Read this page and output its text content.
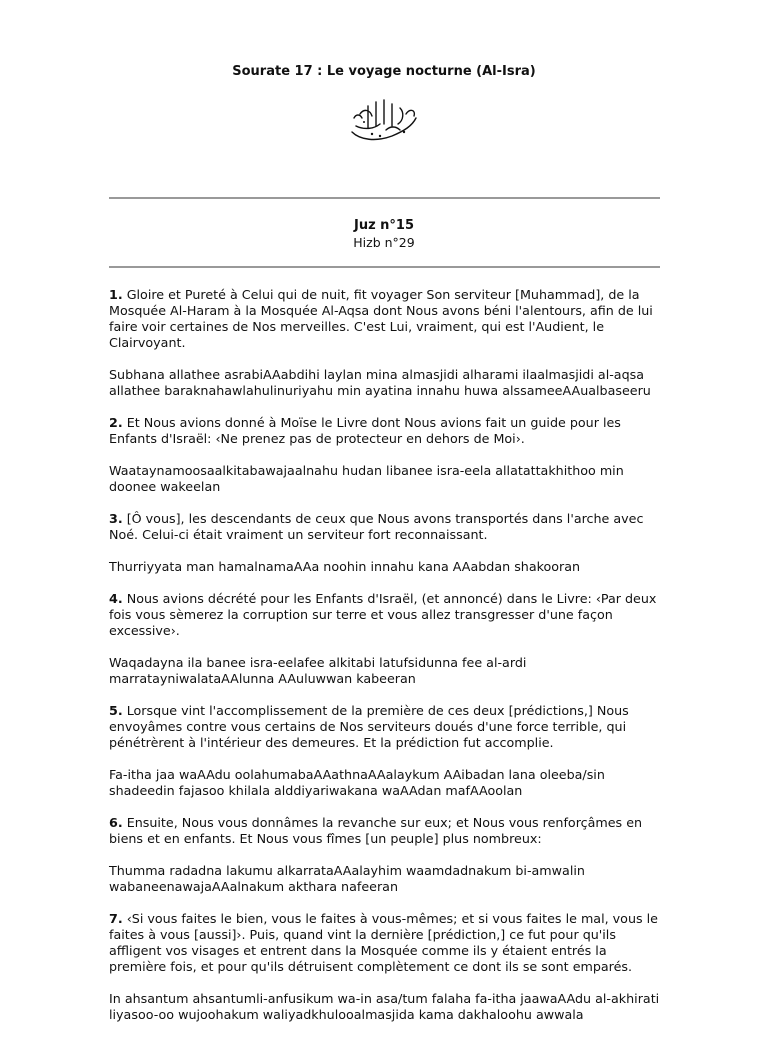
Sourate 17 : Le voyage nocturne (Al-Isra)
Juz n°15
Hizb n°29

1. Gloire et Pureté à Celui qui de nuit, fit voyager Son serviteur [Muhammad], de la Mosquée Al-Haram à la Mosquée Al-Aqsa dont Nous avons béni l'alentours, afin de lui faire voir certaines de Nos merveilles. C'est Lui, vraiment, qui est l'Audient, le Clairvoyant.

Subhana allathee asrabiAAabdihi laylan mina almasjidi alharami ilaalmasjidi al-aqsa allathee baraknahawlahulinuriyahu min ayatina innahu huwa alssameeAAualbaseeru

2. Et Nous avions donné à Moïse le Livre dont Nous avions fait un guide pour les Enfants d'Israël: ‹Ne prenez pas de protecteur en dehors de Moi›.

Waataynamoosaalkitabawajaalnahu hudan libanee isra-eela allatattakhithoo min doonee wakeelan

3. [Ô vous], les descendants de ceux que Nous avons transportés dans l'arche avec Noé. Celui-ci était vraiment un serviteur fort reconnaissant.

Thurriyyata man hamalnamaAAa noohin innahu kana AAabdan shakooran

4. Nous avions décrété pour les Enfants d'Israël, (et annoncé) dans le Livre: ‹Par deux fois vous sèmerez la corruption sur terre et vous allez transgresser d'une façon excessive›.

Waqadayna ila banee isra-eelafee alkitabi latufsidunna fee al-ardi marratayniwalataAAlunna AAuluwwan kabeeran

5. Lorsque vint l'accomplissement de la première de ces deux [prédictions,] Nous envoyâmes contre vous certains de Nos serviteurs doués d'une force terrible, qui pénétrèrent à l'intérieur des demeures. Et la prédiction fut accomplie.

Fa-itha jaa waAAdu oolahumabaAAathnaAAalaykum AAibadan lana oleeba/sin shadeedin fajasoo khilala alddiyariwakana waAAdan mafAAoolan

6. Ensuite, Nous vous donnâmes la revanche sur eux; et Nous vous renforçâmes en biens et en enfants. Et Nous vous fîmes [un peuple] plus nombreux:

Thumma radadna lakumu alkarrataAAalayhim waamdadnakum bi-amwalin wabaneenawajaAAalnakum akthara nafeeran

7. ‹Si vous faites le bien, vous le faites à vous-mêmes; et si vous faites le mal, vous le faites à vous [aussi]›. Puis, quand vint la dernière [prédiction,] ce fut pour qu'ils affligent vos visages et entrent dans la Mosquée comme ils y étaient entrés la première fois, et pour qu'ils détruisent complètement ce dont ils se sont emparés.

In ahsantum ahsantumli-anfusikum wa-in asa/tum falaha fa-itha jaawaAAdu al-akhirati liyasoo-oo wujoohakum waliyadkhulooalmasjida kama dakhaloohu awwala
